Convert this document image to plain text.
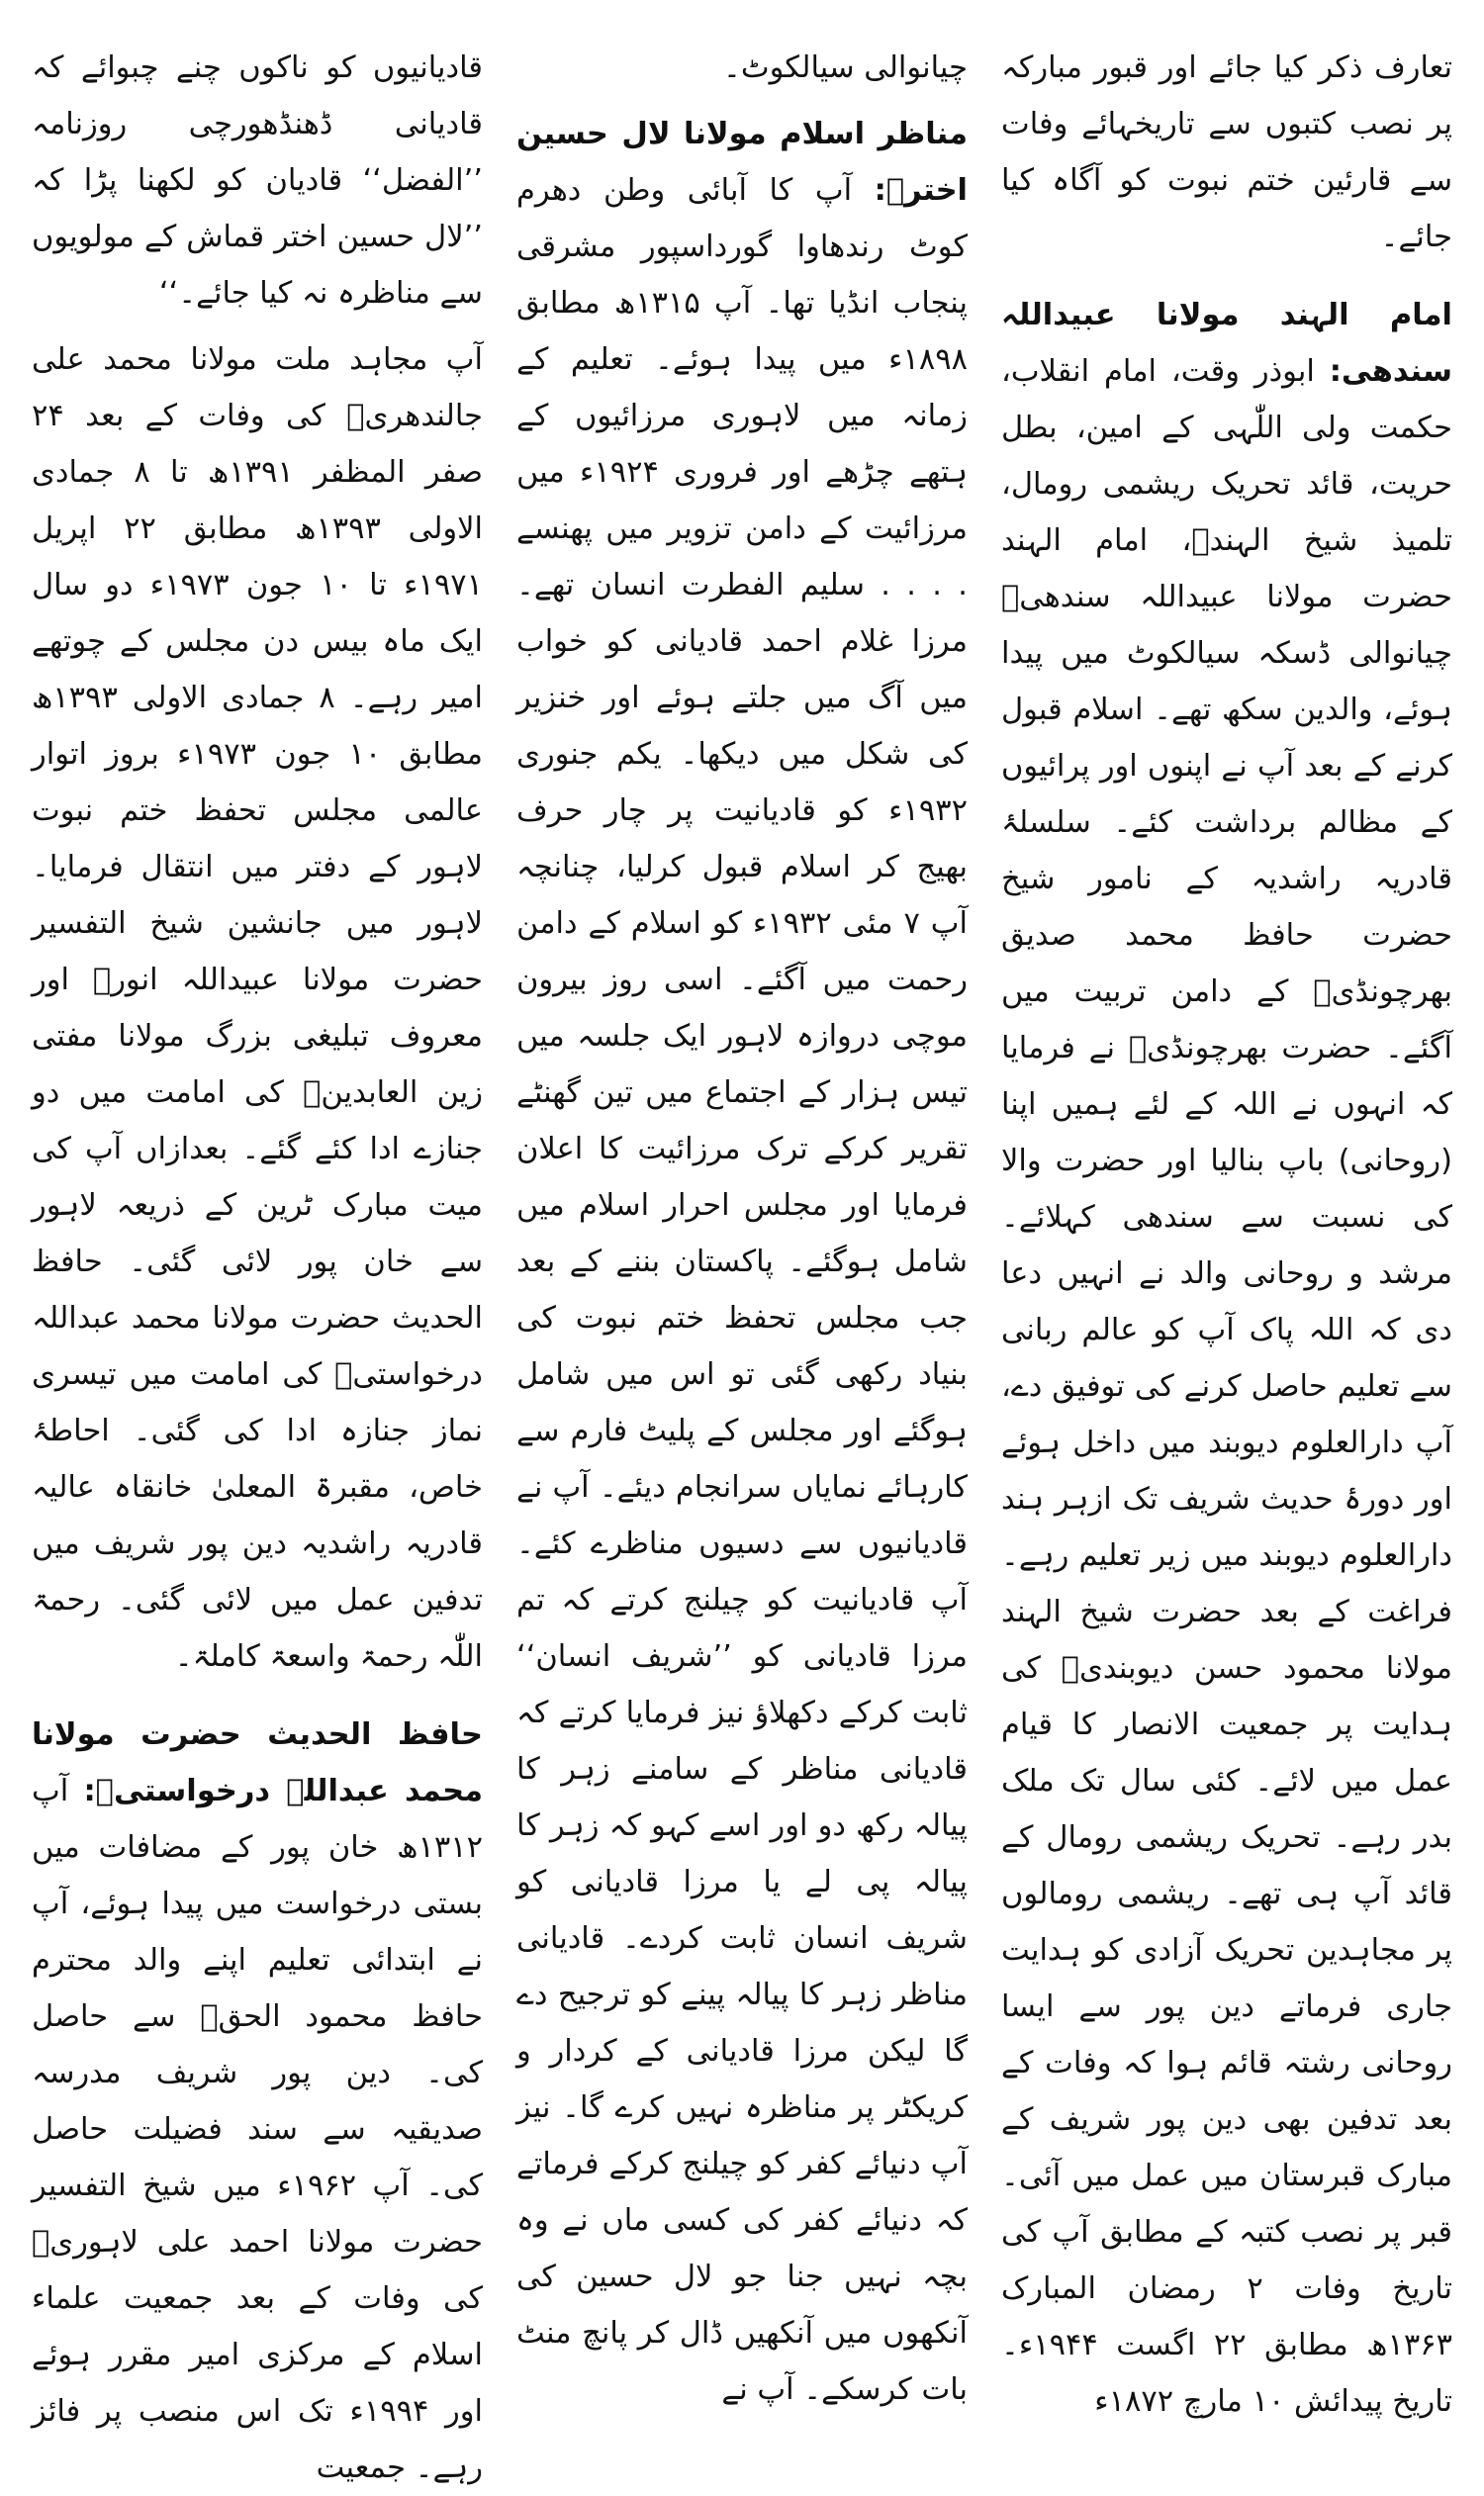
تعارف ذکر کیا جائے اور قبور مبارکہ پر نصب کتبوں سے تاریخہائے وفات سے قارئین ختم نبوت کو آگاہ کیا جائے۔

امام الہند مولانا عبیداللہ سندھی: ابوذر وقت، امام انقلاب، حکمت ولی اللّٰہی کے امین، بطل حریت، قائد تحریک ریشمی رومال، تلمیذ شیخ الہندؒ، امام الہند حضرت مولانا عبیداللہ سندھیؒ چیانوالی ڈسکہ سیالکوٹ میں پیدا ہوئے، والدین سکھ تھے۔ اسلام قبول کرنے کے بعد آپ نے اپنوں اور پرائیوں کے مظالم برداشت کئے۔ سلسلۂ قادریہ راشدیہ کے نامور شیخ حضرت حافظ محمد صدیق بھرچونڈیؒ کے دامن تربیت میں آگئے۔ حضرت بھرچونڈیؒ نے فرمایا کہ انہوں نے اللہ کے لئے ہمیں اپنا (روحانی) باپ بنالیا اور حضرت والا کی نسبت سے سندھی کہلائے۔ مرشد و روحانی والد نے انہیں دعا دی کہ اللہ پاک آپ کو عالم ربانی سے تعلیم حاصل کرنے کی توفیق دے، آپ دارالعلوم دیوبند میں داخل ہوئے اور دورۂ حدیث شریف تک ازہر ہند دارالعلوم دیوبند میں زیر تعلیم رہے۔ فراغت کے بعد حضرت شیخ الہند مولانا محمود حسن دیوبندیؒ کی ہدایت پر جمعیت الانصار کا قیام عمل میں لائے۔ کئی سال تک ملک بدر رہے۔ تحریک ریشمی رومال کے قائد آپ ہی تھے۔ ریشمی رومالوں پر مجاہدین تحریک آزادی کو ہدایت جاری فرماتے دین پور سے ایسا روحانی رشتہ قائم ہوا کہ وفات کے بعد تدفین بھی دین پور شریف کے مبارک قبرستان میں عمل میں آئی۔ قبر پر نصب کتبہ کے مطابق آپ کی تاریخ وفات ۲ رمضان المبارک ۱۳۶۳ھ مطابق ۲۲ اگست ۱۹۴۴ء۔ تاریخ پیدائش ۱۰ مارچ ۱۸۷۲ء

چیانوالی سیالکوٹ۔

مناظر اسلام مولانا لال حسین اخترؒ: آپ کا آبائی وطن دھرم کوٹ رندھاوا گورداسپور مشرقی پنجاب انڈیا تھا۔ آپ ۱۳۱۵ھ مطابق ۱۸۹۸ء میں پیدا ہوئے۔ تعلیم کے زمانہ میں لاہوری مرزائیوں کے ہتھے چڑھے اور فروری ۱۹۲۴ء میں مرزائیت کے دامن تزویر میں پھنسے . . . . سلیم الفطرت انسان تھے۔ مرزا غلام احمد قادیانی کو خواب میں آگ میں جلتے ہوئے اور خنزیر کی شکل میں دیکھا۔ یکم جنوری ۱۹۳۲ء کو قادیانیت پر چار حرف بھیج کر اسلام قبول کرلیا، چنانچہ آپ ۷ مئی ۱۹۳۲ء کو اسلام کے دامن رحمت میں آگئے۔ اسی روز بیرون موچی دروازہ لاہور ایک جلسہ میں تیس ہزار کے اجتماع میں تین گھنٹے تقریر کرکے ترک مرزائیت کا اعلان فرمایا اور مجلس احرار اسلام میں شامل ہوگئے۔ پاکستان بننے کے بعد جب مجلس تحفظ ختم نبوت کی بنیاد رکھی گئی تو اس میں شامل ہوگئے اور مجلس کے پلیٹ فارم سے کارہائے نمایاں سرانجام دیئے۔ آپ نے قادیانیوں سے دسیوں مناظرے کئے۔ آپ قادیانیت کو چیلنج کرتے کہ تم مرزا قادیانی کو ’’شریف انسان‘‘ ثابت کرکے دکھلاؤ نیز فرمایا کرتے کہ قادیانی مناظر کے سامنے زہر کا پیالہ رکھ دو اور اسے کہو کہ زہر کا پیالہ پی لے یا مرزا قادیانی کو شریف انسان ثابت کردے۔ قادیانی مناظر زہر کا پیالہ پینے کو ترجیح دے گا لیکن مرزا قادیانی کے کردار و کریکٹر پر مناظرہ نہیں کرے گا۔ نیز آپ دنیائے کفر کو چیلنج کرکے فرماتے کہ دنیائے کفر کی کسی ماں نے وہ بچہ نہیں جنا جو لال حسین کی آنکھوں میں آنکھیں ڈال کر پانچ منٹ بات کرسکے۔ آپ نے

قادیانیوں کو ناکوں چنے چبوائے کہ قادیانی ڈھنڈھورچی روزنامہ ’’الفضل‘‘ قادیان کو لکھنا پڑا کہ ’’لال حسین اختر قماش کے مولویوں سے مناظرہ نہ کیا جائے۔‘‘

آپ مجاہد ملت مولانا محمد علی جالندھریؒ کی وفات کے بعد ۲۴ صفر المظفر ۱۳۹۱ھ تا ۸ جمادی الاولی ۱۳۹۳ھ مطابق ۲۲ اپریل ۱۹۷۱ء تا ۱۰ جون ۱۹۷۳ء دو سال ایک ماہ بیس دن مجلس کے چوتھے امیر رہے۔ ۸ جمادی الاولی ۱۳۹۳ھ مطابق ۱۰ جون ۱۹۷۳ء بروز اتوار عالمی مجلس تحفظ ختم نبوت لاہور کے دفتر میں انتقال فرمایا۔ لاہور میں جانشین شیخ التفسیر حضرت مولانا عبیداللہ انورؒ اور معروف تبلیغی بزرگ مولانا مفتی زین العابدینؒ کی امامت میں دو جنازے ادا کئے گئے۔ بعدازاں آپ کی میت مبارک ٹرین کے ذریعہ لاہور سے خان پور لائی گئی۔ حافظ الحدیث حضرت مولانا محمد عبداللہ درخواستیؒ کی امامت میں تیسری نماز جنازہ ادا کی گئی۔ احاطۂ خاص، مقبرۃ المعلیٰ خانقاہ عالیہ قادریہ راشدیہ دین پور شریف میں تدفین عمل میں لائی گئی۔ رحمۃ اللّٰہ رحمۃ واسعۃ کاملۃ۔

حافظ الحدیث حضرت مولانا محمد عبداللہ درخواستیؒ: آپ ۱۳۱۲ھ خان پور کے مضافات میں بستی درخواست میں پیدا ہوئے، آپ نے ابتدائی تعلیم اپنے والد محترم حافظ محمود الحقؒ سے حاصل کی۔ دین پور شریف مدرسہ صدیقیہ سے سند فضیلت حاصل کی۔ آپ ۱۹۶۲ء میں شیخ التفسیر حضرت مولانا احمد علی لاہوریؒ کی وفات کے بعد جمعیت علماء اسلام کے مرکزی امیر مقرر ہوئے اور ۱۹۹۴ء تک اس منصب پر فائز رہے۔ جمعیت
